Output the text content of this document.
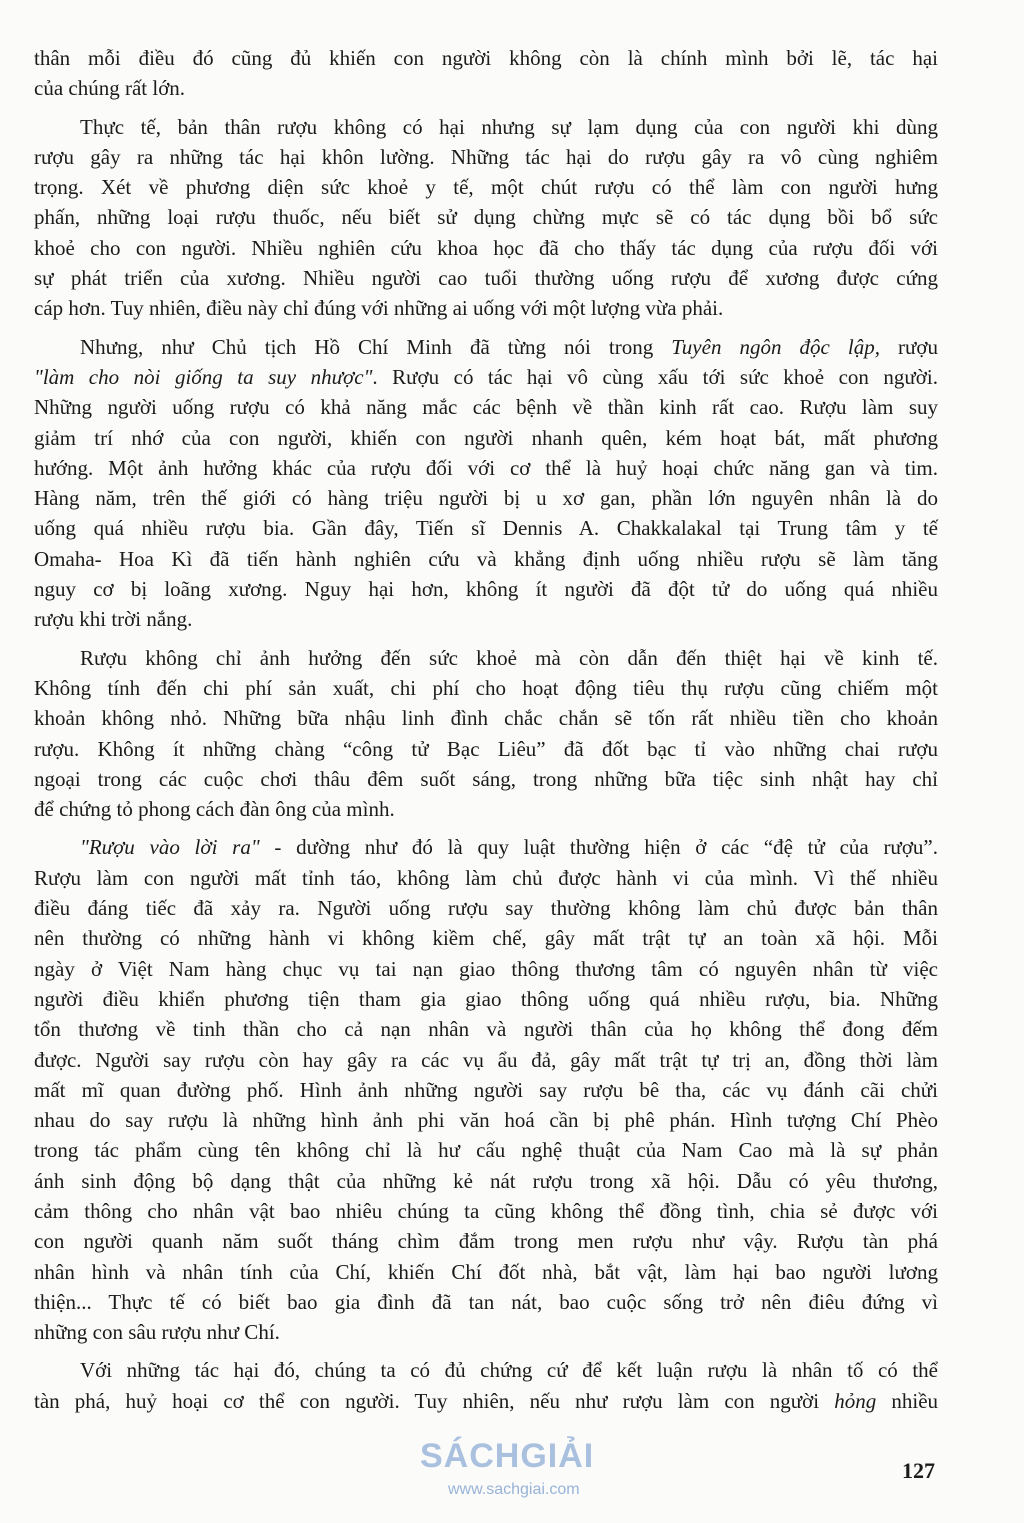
thân mỗi điều đó cũng đủ khiến con người không còn là chính mình bởi lẽ, tác hại
của chúng rất lớn.
Thực tế, bản thân rượu không có hại nhưng sự lạm dụng của con người khi dùng
rượu gây ra những tác hại khôn lường. Những tác hại do rượu gây ra vô cùng nghiêm
trọng. Xét về phương diện sức khoẻ y tế, một chút rượu có thể làm con người hưng
phấn, những loại rượu thuốc, nếu biết sử dụng chừng mực sẽ có tác dụng bồi bổ sức
khoẻ cho con người. Nhiều nghiên cứu khoa học đã cho thấy tác dụng của rượu đối với
sự phát triển của xương. Nhiều người cao tuổi thường uống rượu để xương được cứng
cáp hơn. Tuy nhiên, điều này chỉ đúng với những ai uống với một lượng vừa phải.
Nhưng, như Chủ tịch Hồ Chí Minh đã từng nói trong Tuyên ngôn độc lập, rượu
"làm cho nòi giống ta suy nhược". Rượu có tác hại vô cùng xấu tới sức khoẻ con người.
Những người uống rượu có khả năng mắc các bệnh về thần kinh rất cao. Rượu làm suy
giảm trí nhớ của con người, khiến con người nhanh quên, kém hoạt bát, mất phương
hướng. Một ảnh hưởng khác của rượu đối với cơ thể là huỷ hoại chức năng gan và tim.
Hàng năm, trên thế giới có hàng triệu người bị u xơ gan, phần lớn nguyên nhân là do
uống quá nhiều rượu bia. Gần đây, Tiến sĩ Dennis A. Chakkalakal tại Trung tâm y tế
Omaha- Hoa Kì đã tiến hành nghiên cứu và khẳng định uống nhiều rượu sẽ làm tăng
nguy cơ bị loãng xương. Nguy hại hơn, không ít người đã đột tử do uống quá nhiều
rượu khi trời nắng.
Rượu không chỉ ảnh hưởng đến sức khoẻ mà còn dẫn đến thiệt hại về kinh tế.
Không tính đến chi phí sản xuất, chi phí cho hoạt động tiêu thụ rượu cũng chiếm một
khoản không nhỏ. Những bữa nhậu linh đình chắc chắn sẽ tốn rất nhiều tiền cho khoản
rượu. Không ít những chàng “công tử Bạc Liêu” đã đốt bạc tỉ vào những chai rượu
ngoại trong các cuộc chơi thâu đêm suốt sáng, trong những bữa tiệc sinh nhật hay chỉ
để chứng tỏ phong cách đàn ông của mình.
"Rượu vào lời ra" - dường như đó là quy luật thường hiện ở các “đệ tử của rượu”.
Rượu làm con người mất tỉnh táo, không làm chủ được hành vi của mình. Vì thế nhiều
điều đáng tiếc đã xảy ra. Người uống rượu say thường không làm chủ được bản thân
nên thường có những hành vi không kiềm chế, gây mất trật tự an toàn xã hội. Mỗi
ngày ở Việt Nam hàng chục vụ tai nạn giao thông thương tâm có nguyên nhân từ việc
người điều khiển phương tiện tham gia giao thông uống quá nhiều rượu, bia. Những
tổn thương về tinh thần cho cả nạn nhân và người thân của họ không thể đong đếm
được. Người say rượu còn hay gây ra các vụ ẩu đả, gây mất trật tự trị an, đồng thời làm
mất mĩ quan đường phố. Hình ảnh những người say rượu bê tha, các vụ đánh cãi chửi
nhau do say rượu là những hình ảnh phi văn hoá cần bị phê phán. Hình tượng Chí Phèo
trong tác phẩm cùng tên không chỉ là hư cấu nghệ thuật của Nam Cao mà là sự phản
ánh sinh động bộ dạng thật của những kẻ nát rượu trong xã hội. Dẫu có yêu thương,
cảm thông cho nhân vật bao nhiêu chúng ta cũng không thể đồng tình, chia sẻ được với
con người quanh năm suốt tháng chìm đắm trong men rượu như vậy. Rượu tàn phá
nhân hình và nhân tính của Chí, khiến Chí đốt nhà, bắt vật, làm hại bao người lương
thiện... Thực tế có biết bao gia đình đã tan nát, bao cuộc sống trở nên điêu đứng vì
những con sâu rượu như Chí.
Với những tác hại đó, chúng ta có đủ chứng cứ để kết luận rượu là nhân tố có thể
tàn phá, huỷ hoại cơ thể con người. Tuy nhiên, nếu như rượu làm con người hỏng nhiều
SÁCHGIẢI
www.sachgiai.com
127
